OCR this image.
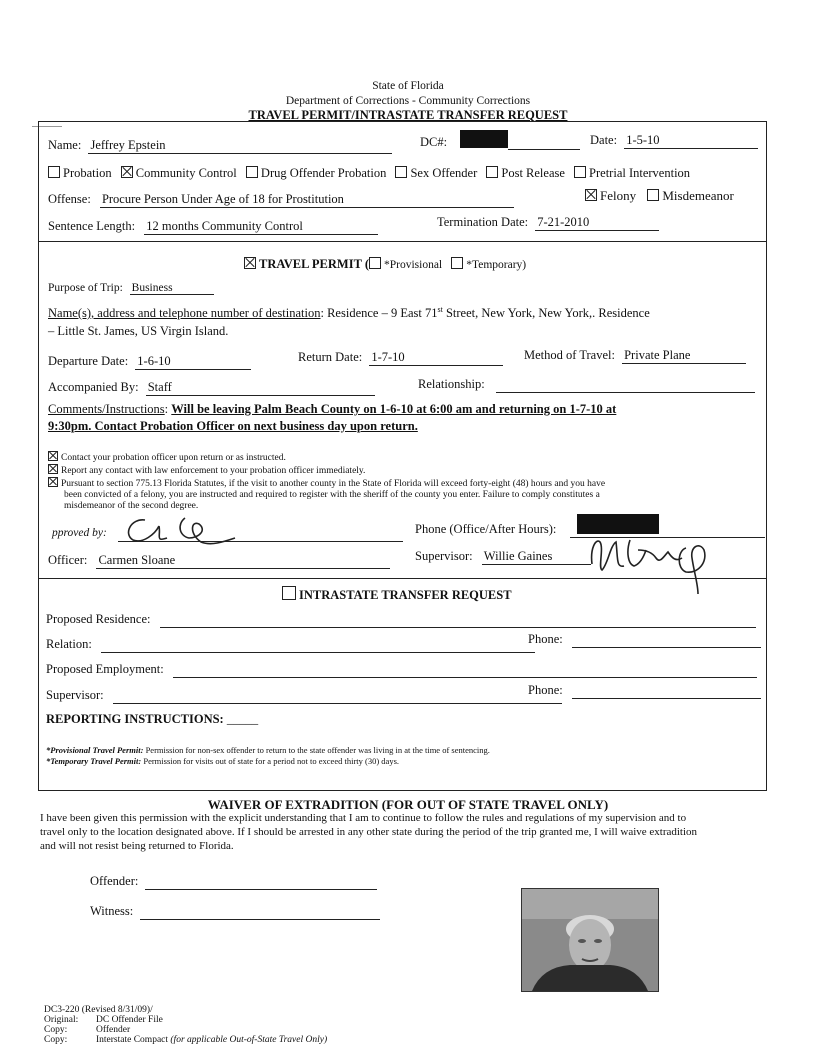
State of Florida
Department of Corrections - Community Corrections
TRAVEL PERMIT/INTRASTATE TRANSFER REQUEST
Name: Jeffrey Epstein	DC#:	Date: 1-5-10
Probation Community Control Drug Offender Probation Sex Offender Post Release Pretrial Intervention
Offense: Procure Person Under Age of 18 for Prostitution	Felony Misdemeanor
Sentence Length: 12 months Community Control	Termination Date: 7-21-2010
TRAVEL PERMIT ( *Provisional *Temporary)
Purpose of Trip: Business
Name(s), address and telephone number of destination: Residence – 9 East 71st Street, New York, New York,. Residence
– Little St. James, US Virgin Island.
Departure Date: 1-6-10	Return Date: 1-7-10	Method of Travel: Private Plane
Accompanied By: Staff	Relationship:
Comments/Instructions: Will be leaving Palm Beach County on 1-6-10 at 6:00 am and returning on 1-7-10 at
9:30pm. Contact Probation Officer on next business day upon return.
Contact your probation officer upon return or as instructed.
Report any contact with law enforcement to your probation officer immediately.
Pursuant to section 775.13 Florida Statutes, if the visit to another county in the State of Florida will exceed forty-eight (48) hours and you have
been convicted of a felony, you are instructed and required to register with the sheriff of the county you enter. Failure to comply constitutes a
misdemeanor of the second degree.
pproved by:	Phone (Office/After Hours):
Officer: Carmen Sloane	Supervisor: Willie Gaines
INTRASTATE TRANSFER REQUEST
Proposed Residence:
Relation:	Phone:
Proposed Employment:
Supervisor:	Phone:
REPORTING INSTRUCTIONS: _____
*Provisional Travel Permit: Permission for non-sex offender to return to the state offender was living in at the time of sentencing.
*Temporary Travel Permit: Permission for visits out of state for a period not to exceed thirty (30) days.
WAIVER OF EXTRADITION (FOR OUT OF STATE TRAVEL ONLY)
I have been given this permission with the explicit understanding that I am to continue to follow the rules and regulations of my supervision and to
travel only to the location designated above. If I should be arrested in any other state during the period of the trip granted me, I will waive extradition
and will not resist being returned to Florida.
Offender:
Witness:
DC3-220 (Revised 8/31/09)/
Original: DC Offender File
Copy:	Offender
Copy:	Interstate Compact (for applicable Out-of-State Travel Only)
